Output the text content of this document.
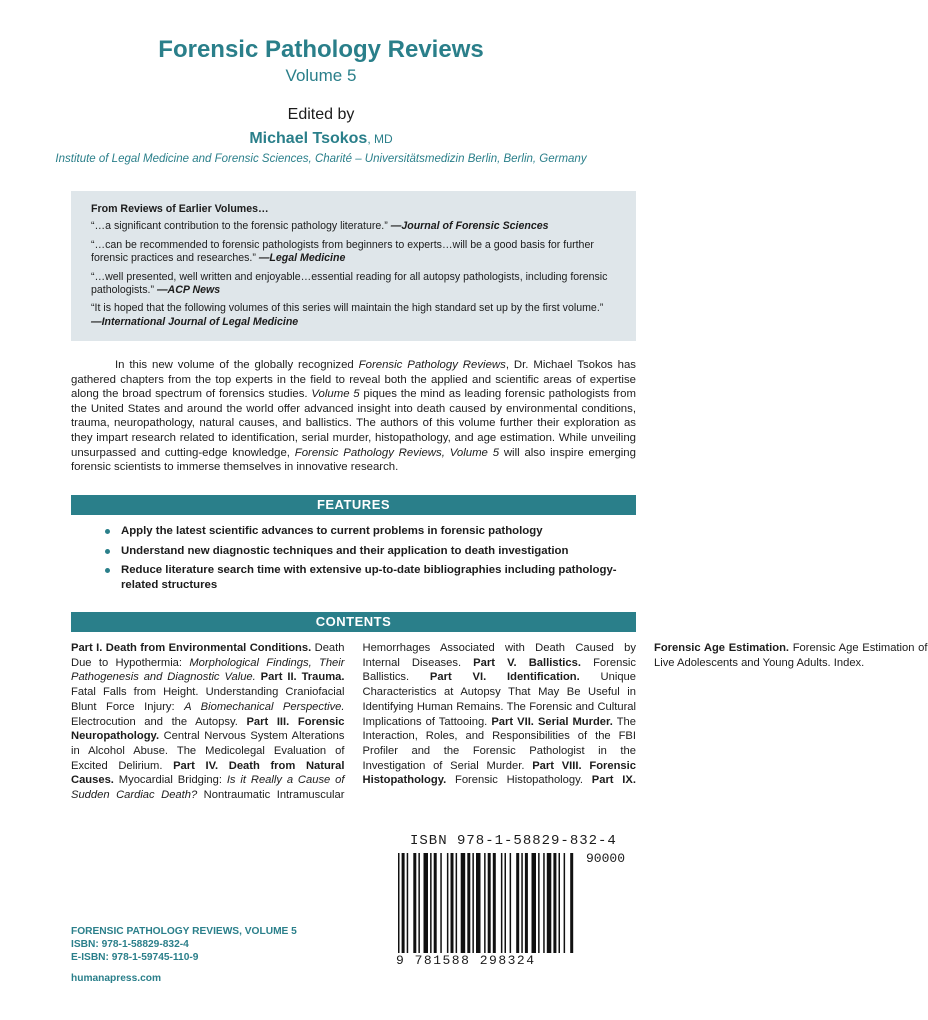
Forensic Pathology Reviews
Volume 5
Edited by
Michael Tsokos, MD
Institute of Legal Medicine and Forensic Sciences, Charité – Universitätsmedizin Berlin, Berlin, Germany
From Reviews of Earlier Volumes…
“…a significant contribution to the forensic pathology literature.” —Journal of Forensic Sciences
“…can be recommended to forensic pathologists from beginners to experts…will be a good basis for further forensic practices and researches.” —Legal Medicine
“…well presented, well written and enjoyable…essential reading for all autopsy pathologists, including forensic pathologists.” —ACP News
“It is hoped that the following volumes of this series will maintain the high standard set up by the first volume.” —International Journal of Legal Medicine

In this new volume of the globally recognized Forensic Pathology Reviews, Dr. Michael Tsokos has gathered chapters from the top experts in the field to reveal both the applied and scientific areas of expertise along the broad spectrum of forensics studies. Volume 5 piques the mind as leading forensic pathologists from the United States and around the world offer advanced insight into death caused by environmental conditions, trauma, neuropathology, natural causes, and ballistics. The authors of this volume further their exploration as they impart research related to identification, serial murder, histopathology, and age estimation. While unveiling unsurpassed and cutting-edge knowledge, Forensic Pathology Reviews, Volume 5 will also inspire emerging forensic scientists to immerse themselves in innovative research.

FEATURES
Apply the latest scientific advances to current problems in forensic pathology
Understand new diagnostic techniques and their application to death investigation
Reduce literature search time with extensive up-to-date bibliographies including pathology-related structures
CONTENTS
Part I. Death from Environmental Conditions. Death Due to Hypothermia: Morphological Findings, Their Pathogenesis and Diagnostic Value. Part II. Trauma. Fatal Falls from Height. Understanding Craniofacial Blunt Force Injury: A Biomechanical Perspective. Electrocution and the Autopsy. Part III. Forensic Neuropathology. Central Nervous System Alterations in Alcohol Abuse. The Medicolegal Evaluation of Excited Delirium. Part IV. Death from Natural Causes. Myocardial Bridging: Is it Really a Cause of Sudden Cardiac Death? Nontraumatic Intramuscular Hemorrhages Associated with Death Caused by Internal Diseases. Part V. Ballistics. Forensic Ballistics. Part VI. Identification. Unique Characteristics at Autopsy That May Be Useful in Identifying Human Remains. The Forensic and Cultural Implications of Tattooing. Part VII. Serial Murder. The Interaction, Roles, and Responsibilities of the FBI Profiler and the Forensic Pathologist in the Investigation of Serial Murder. Part VIII. Forensic Histopathology. Forensic Histopathology. Part IX. Forensic Age Estimation. Forensic Age Estimation of Live Adolescents and Young Adults. Index.
FORENSIC PATHOLOGY REVIEWS, VOLUME 5
ISBN: 978-1-58829-832-4
E-ISBN: 978-1-59745-110-9
humanapress.com
ISBN 978-1-58829-832-4
90000
9 781588 298324
